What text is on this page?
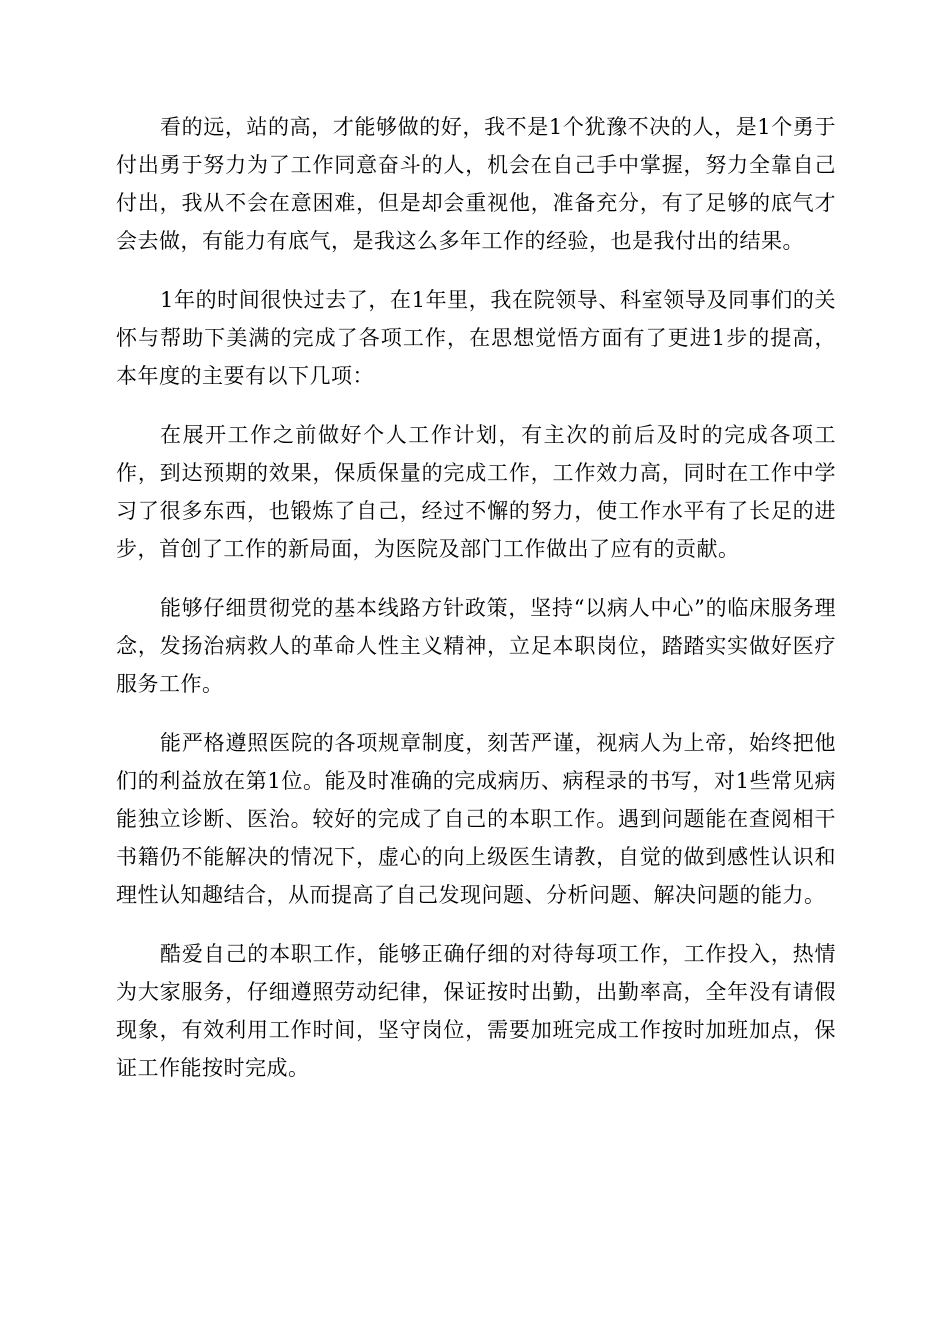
看的远，站的高，才能够做的好，我不是1个犹豫不决的人，是1个勇于付出勇于努力为了工作同意奋斗的人，机会在自己手中掌握，努力全靠自己付出，我从不会在意困难，但是却会重视他，准备充分，有了足够的底气才会去做，有能力有底气，是我这么多年工作的经验，也是我付出的结果。

1年的时间很快过去了，在1年里，我在院领导、科室领导及同事们的关怀与帮助下美满的完成了各项工作，在思想觉悟方面有了更进1步的提高，本年度的主要有以下几项：

在展开工作之前做好个人工作计划，有主次的前后及时的完成各项工作，到达预期的效果，保质保量的完成工作，工作效力高，同时在工作中学习了很多东西，也锻炼了自己，经过不懈的努力，使工作水平有了长足的进步，首创了工作的新局面，为医院及部门工作做出了应有的贡献。

能够仔细贯彻党的基本线路方针政策，坚持“以病人中心”的临床服务理念，发扬治病救人的革命人性主义精神，立足本职岗位，踏踏实实做好医疗服务工作。

能严格遵照医院的各项规章制度，刻苦严谨，视病人为上帝，始终把他们的利益放在第1位。能及时准确的完成病历、病程录的书写，对1些常见病能独立诊断、医治。较好的完成了自己的本职工作。遇到问题能在查阅相干书籍仍不能解决的情况下，虚心的向上级医生请教，自觉的做到感性认识和理性认知趣结合，从而提高了自己发现问题、分析问题、解决问题的能力。

酷爱自己的本职工作，能够正确仔细的对待每项工作，工作投入，热情为大家服务，仔细遵照劳动纪律，保证按时出勤，出勤率高，全年没有请假现象，有效利用工作时间，坚守岗位，需要加班完成工作按时加班加点，保证工作能按时完成。
